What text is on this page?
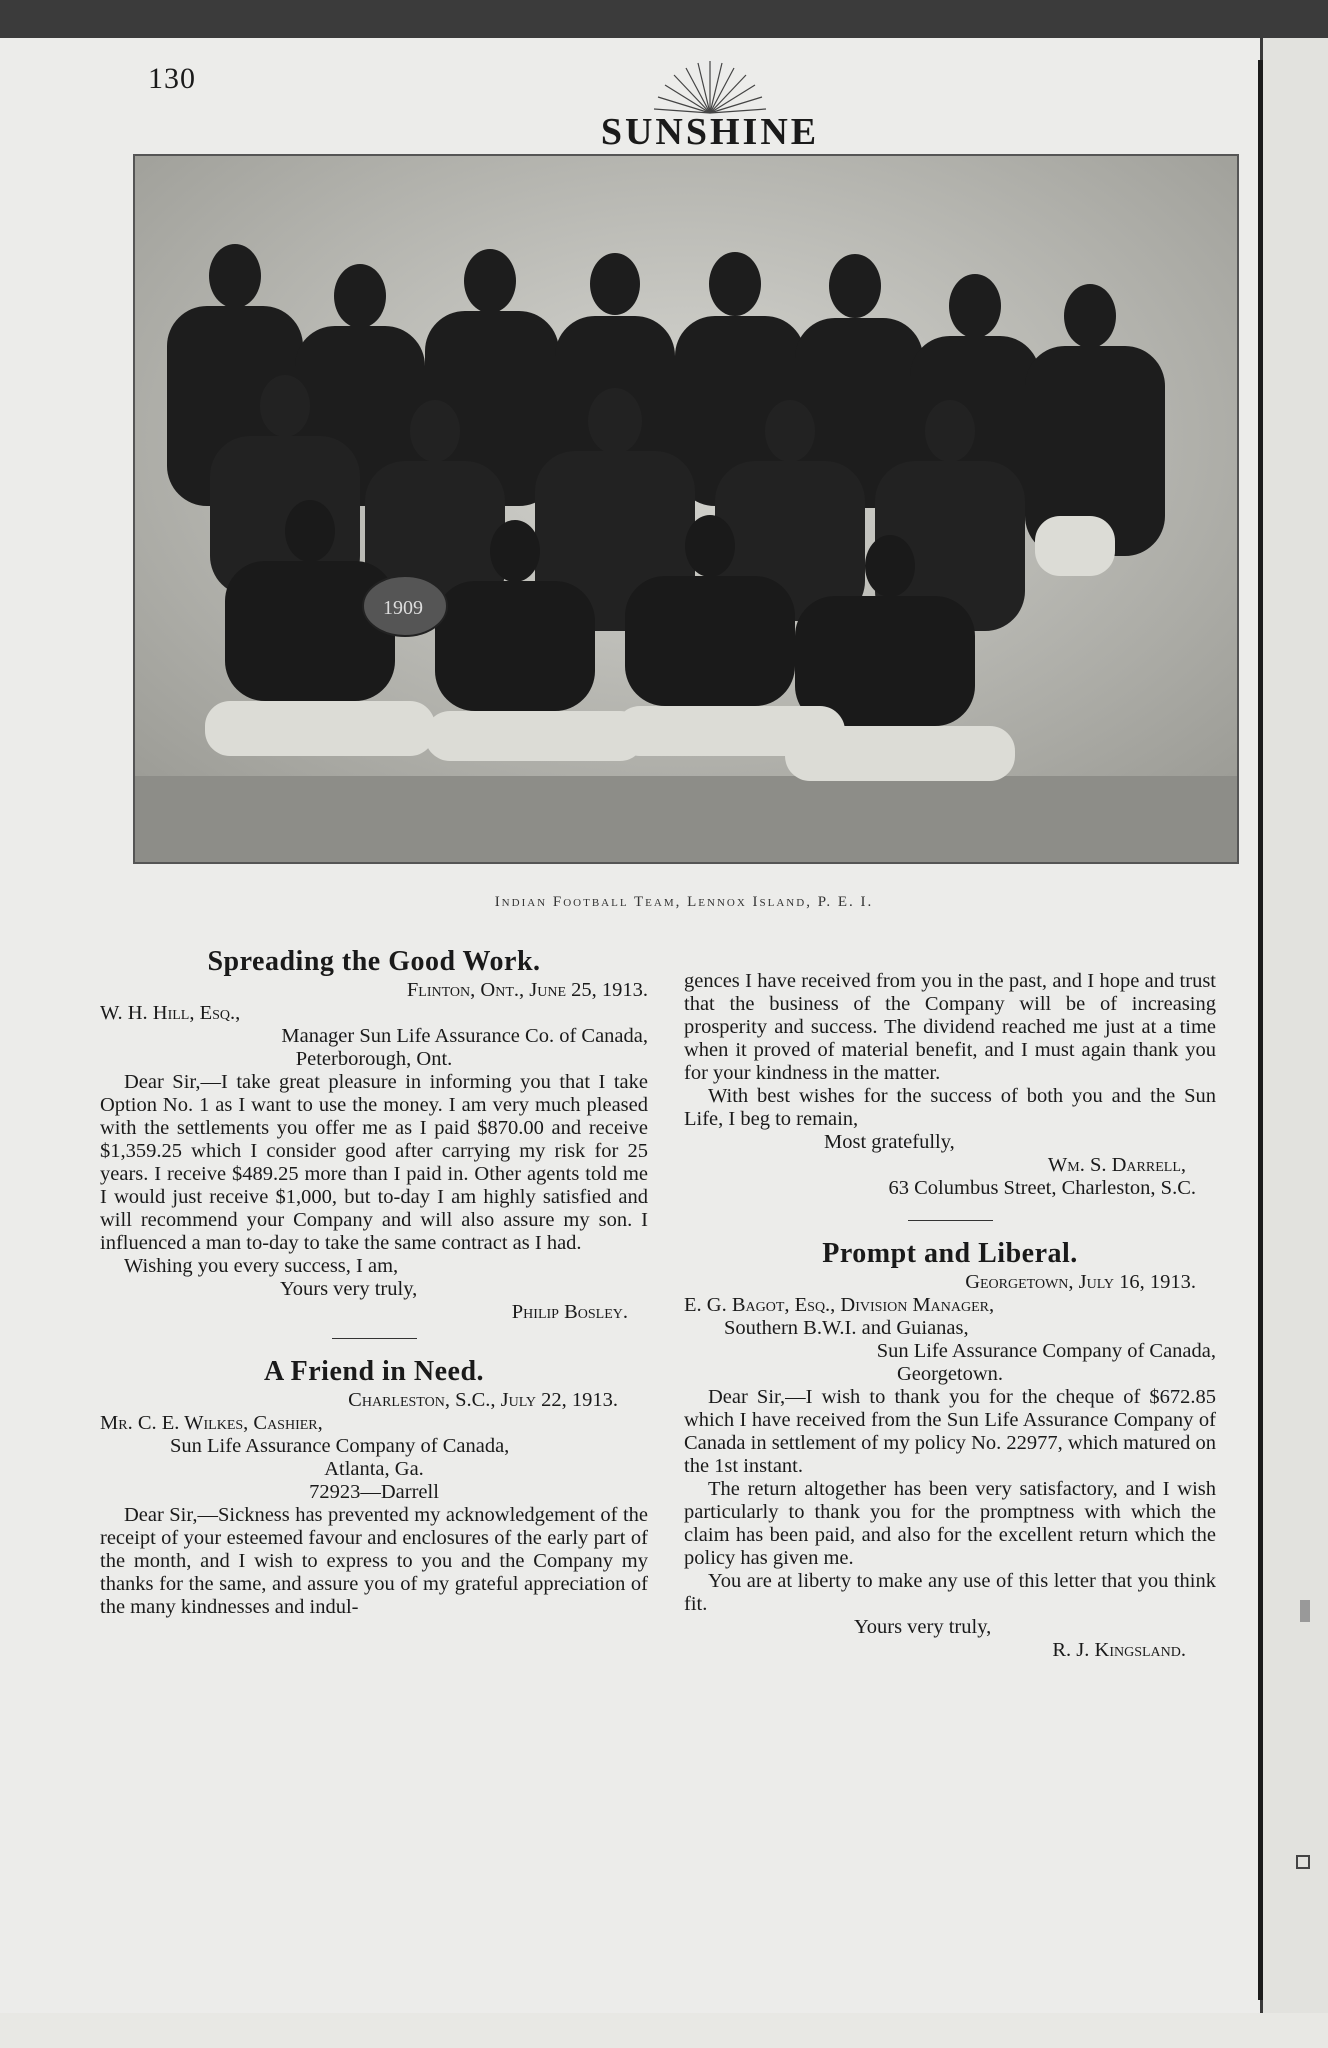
130
SUNSHINE
1909
Indian Football Team, Lennox Island, P. E. I.
Spreading the Good Work.
Flinton, Ont., June 25, 1913.
W. H. Hill, Esq.,
Manager Sun Life Assurance Co. of Canada,
Peterborough, Ont.

Dear Sir,—I take great pleasure in informing you that I take Option No. 1 as I want to use the money. I am very much pleased with the settlements you offer me as I paid $870.00 and receive $1,359.25 which I consider good after carrying my risk for 25 years. I receive $489.25 more than I paid in. Other agents told me I would just receive $1,000, but to-day I am highly satisfied and will recommend your Company and will also assure my son. I influenced a man to-day to take the same contract as I had.

Wishing you every success, I am,

Yours very truly,
Philip Bosley.
A Friend in Need.
Charleston, S.C., July 22, 1913.
Mr. C. E. Wilkes, Cashier,
Sun Life Assurance Company of Canada,
Atlanta, Ga.
72923—Darrell

Dear Sir,—Sickness has prevented my acknowledgement of the receipt of your esteemed favour and enclosures of the early part of the month, and I wish to express to you and the Company my thanks for the same, and assure you of my grateful appreciation of the many kindnesses and indul-

gences I have received from you in the past, and I hope and trust that the business of the Company will be of increasing prosperity and success. The dividend reached me just at a time when it proved of material benefit, and I must again thank you for your kindness in the matter.

With best wishes for the success of both you and the Sun Life, I beg to remain,

Most gratefully,
Wm. S. Darrell,
63 Columbus Street, Charleston, S.C.
Prompt and Liberal.
Georgetown, July 16, 1913.
E. G. Bagot, Esq., Division Manager,
Southern B.W.I. and Guianas,
Sun Life Assurance Company of Canada,
Georgetown.

Dear Sir,—I wish to thank you for the cheque of $672.85 which I have received from the Sun Life Assurance Company of Canada in settlement of my policy No. 22977, which matured on the 1st instant.

The return altogether has been very satisfactory, and I wish particularly to thank you for the promptness with which the claim has been paid, and also for the excellent return which the policy has given me.

You are at liberty to make any use of this letter that you think fit.

Yours very truly,
R. J. Kingsland.
